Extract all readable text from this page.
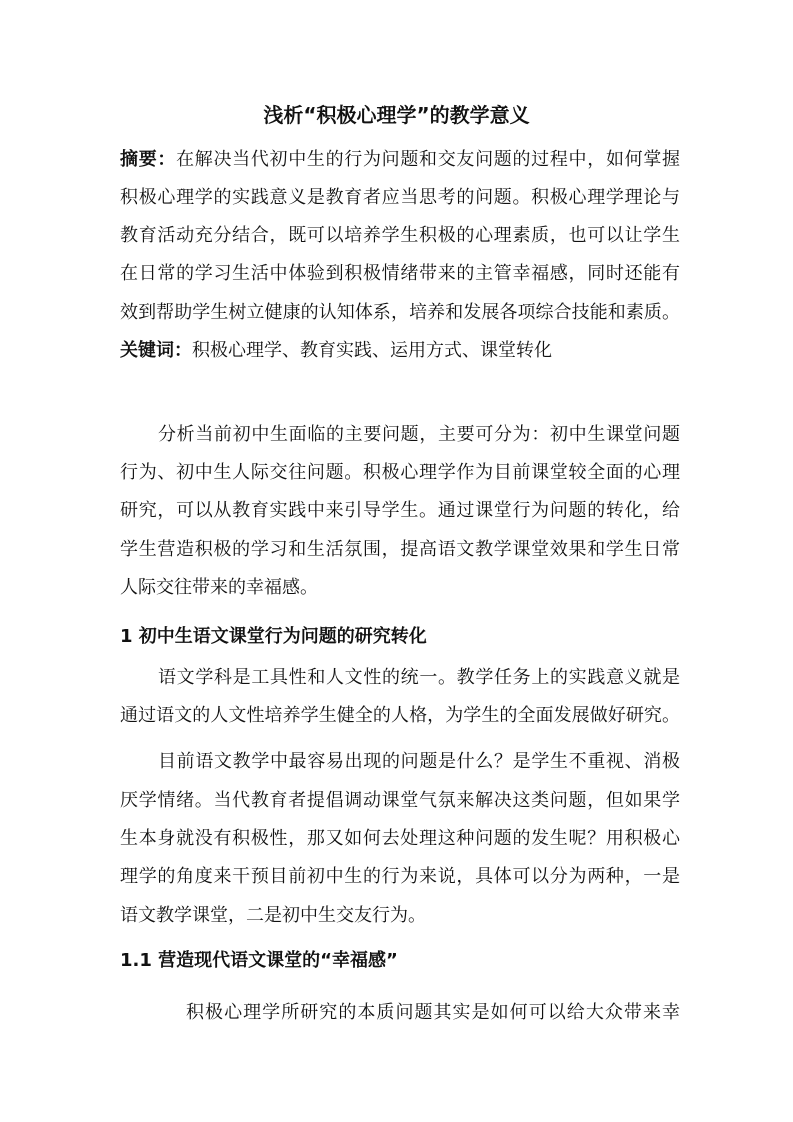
浅析“积极心理学”的教学意义
摘要：在解决当代初中生的行为问题和交友问题的过程中，如何掌握
积极心理学的实践意义是教育者应当思考的问题。积极心理学理论与
教育活动充分结合，既可以培养学生积极的心理素质，也可以让学生
在日常的学习生活中体验到积极情绪带来的主管幸福感，同时还能有
效到帮助学生树立健康的认知体系，培养和发展各项综合技能和素质。
关键词：积极心理学、教育实践、运用方式、课堂转化
分析当前初中生面临的主要问题，主要可分为：初中生课堂问题
行为、初中生人际交往问题。积极心理学作为目前课堂较全面的心理
研究，可以从教育实践中来引导学生。通过课堂行为问题的转化，给
学生营造积极的学习和生活氛围，提高语文教学课堂效果和学生日常
人际交往带来的幸福感。
1 初中生语文课堂行为问题的研究转化
语文学科是工具性和人文性的统一。教学任务上的实践意义就是
通过语文的人文性培养学生健全的人格，为学生的全面发展做好研究。
目前语文教学中最容易出现的问题是什么？是学生不重视、消极
厌学情绪。当代教育者提倡调动课堂气氛来解决这类问题，但如果学
生本身就没有积极性，那又如何去处理这种问题的发生呢？用积极心
理学的角度来干预目前初中生的行为来说，具体可以分为两种，一是
语文教学课堂，二是初中生交友行为。
1.1 营造现代语文课堂的“幸福感”
积极心理学所研究的本质问题其实是如何可以给大众带来幸
